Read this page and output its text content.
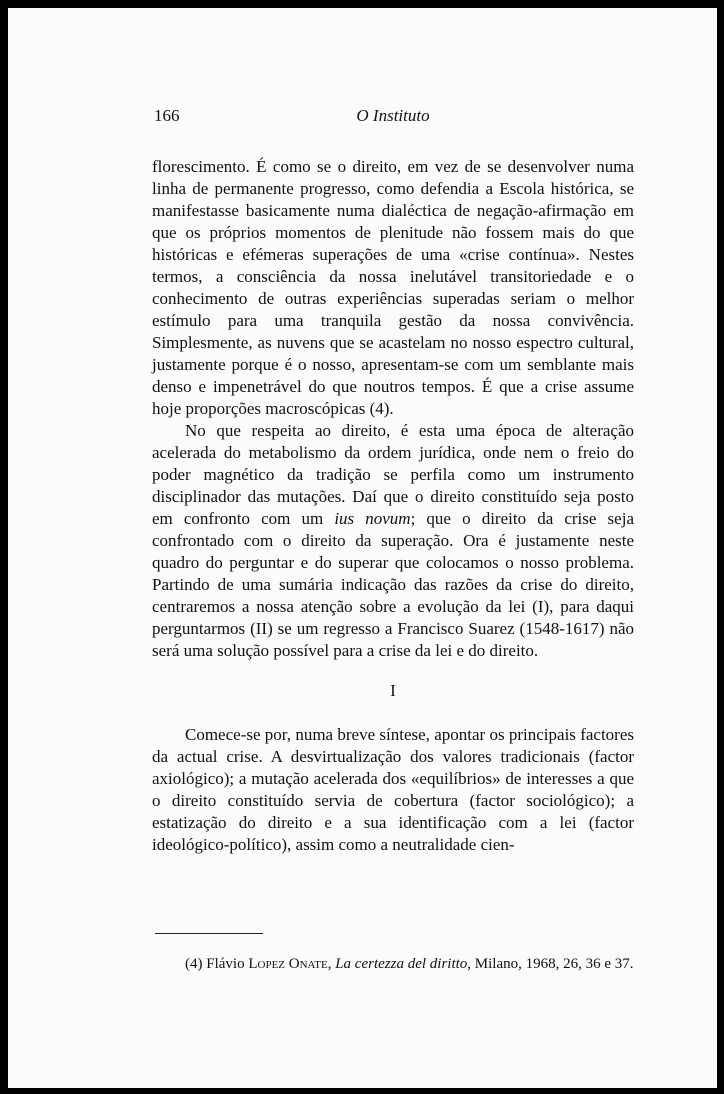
166	O Instituto

florescimento. É como se o direito, em vez de se desenvolver numa linha de permanente progresso, como defendia a Escola histórica, se manifestasse basicamente numa dialéctica de negação-afirmação em que os próprios momentos de plenitude não fossem mais do que históricas e efémeras superações de uma «crise contínua». Nestes termos, a consciência da nossa inelutável transitoriedade e o conhecimento de outras experiências superadas seriam o melhor estímulo para uma tranquila gestão da nossa convivência. Simplesmente, as nuvens que se acastelam no nosso espectro cultural, justamente porque é o nosso, apresentam-se com um semblante mais denso e impenetrável do que noutros tempos. É que a crise assume hoje proporções macroscópicas (4).

No que respeita ao direito, é esta uma época de alteração acelerada do metabolismo da ordem jurídica, onde nem o freio do poder magnético da tradição se perfila como um instrumento disciplinador das mutações. Daí que o direito constituído seja posto em confronto com um ius novum; que o direito da crise seja confrontado com o direito da superação. Ora é justamente neste quadro do perguntar e do superar que colocamos o nosso problema. Partindo de uma sumária indicação das razões da crise do direito, centraremos a nossa atenção sobre a evolução da lei (I), para daqui perguntarmos (II) se um regresso a Francisco Suarez (1548-1617) não será uma solução possível para a crise da lei e do direito.

I

Comece-se por, numa breve síntese, apontar os principais factores da actual crise. A desvirtualização dos valores tradicionais (factor axiológico); a mutação acelerada dos «equilíbrios» de interesses a que o direito constituído servia de cobertura (factor sociológico); a estatização do direito e a sua identificação com a lei (factor ideológico-político), assim como a neutralidade cien-

(4) Flávio Lopez Onate, La certezza del diritto, Milano, 1968, 26, 36 e 37.
